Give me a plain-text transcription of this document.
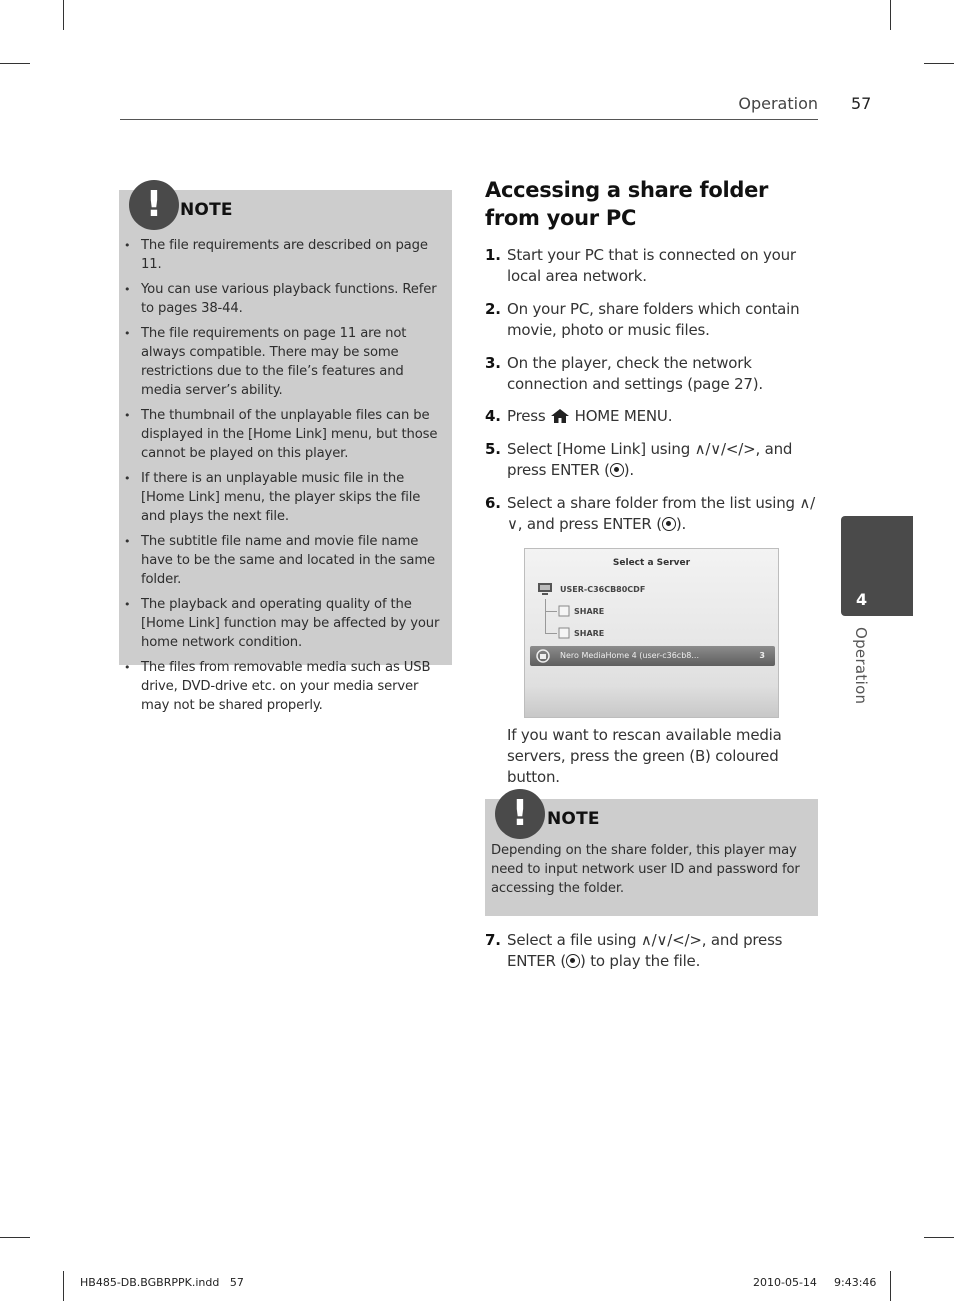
Operation 57
!	NOTE
• The file requirements are described on page 11.
• You can use various playback functions. Refer to pages 38-44.
• The file requirements on page 11 are not always compatible. There may be some restrictions due to the file’s features and media server’s ability.
• The thumbnail of the unplayable files can be displayed in the [Home Link] menu, but those cannot be played on this player.
• If there is an unplayable music file in the [Home Link] menu, the player skips the file and plays the next file.
• The subtitle file name and movie file name have to be the same and located in the same folder.
• The playback and operating quality of the [Home Link] function may be affected by your home network condition.
• The files from removable media such as USB drive, DVD-drive etc. on your media server may not be shared properly.
Accessing a share folder from your PC
1. Start your PC that is connected on your local area network.
2. On your PC, share folders which contain movie, photo or music files.
3. On the player, check the network connection and settings (page 27).
4. Press  HOME MENU.
5. Select [Home Link] using ∧/∨/</>, and press ENTER ( ).
6. Select a share folder from the list using ∧/∨, and press ENTER ( ).
Select a Server
USER-C36CB80CDF
SHARE
SHARE
Nero MediaHome 4 (user-c36cb8...	3
If you want to rescan available media servers, press the green (B) coloured button.
!	NOTE
Depending on the share folder, this player may need to input network user ID and password for accessing the folder.
7. Select a file using ∧/∨/</>, and press ENTER ( ) to play the file.
4
Operation
HB485-DB.BGBRPPK.indd   57	2010-05-14 9:43:46
